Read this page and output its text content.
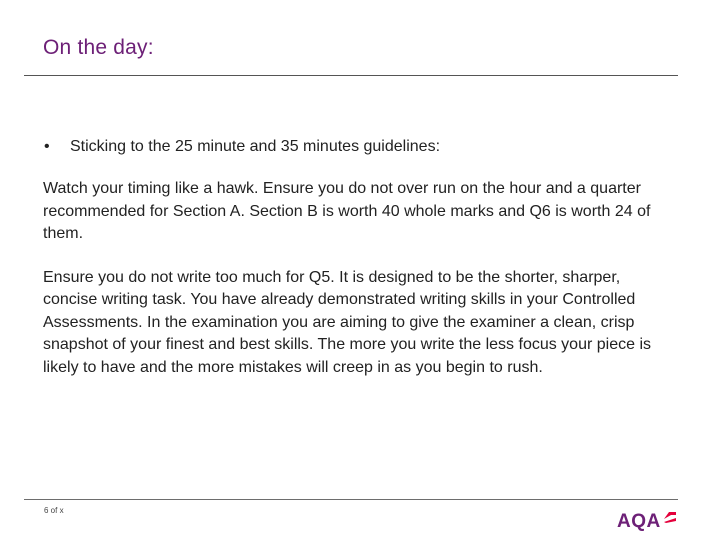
On the day:
• Sticking to the 25 minute and 35 minutes guidelines:

Watch your timing like a hawk. Ensure you do not over run on the hour and a quarter recommended for Section A. Section B is worth 40 whole marks and Q6 is worth 24 of them.

Ensure you do not write too much for Q5. It is designed to be the shorter, sharper, concise writing task. You have already demonstrated writing skills in your Controlled Assessments. In the examination you are aiming to give the examiner a clean, crisp snapshot of your finest and best skills. The more you write the less focus your piece is likely to have and the more mistakes will creep in as you begin to rush.

6 of x
AQA
